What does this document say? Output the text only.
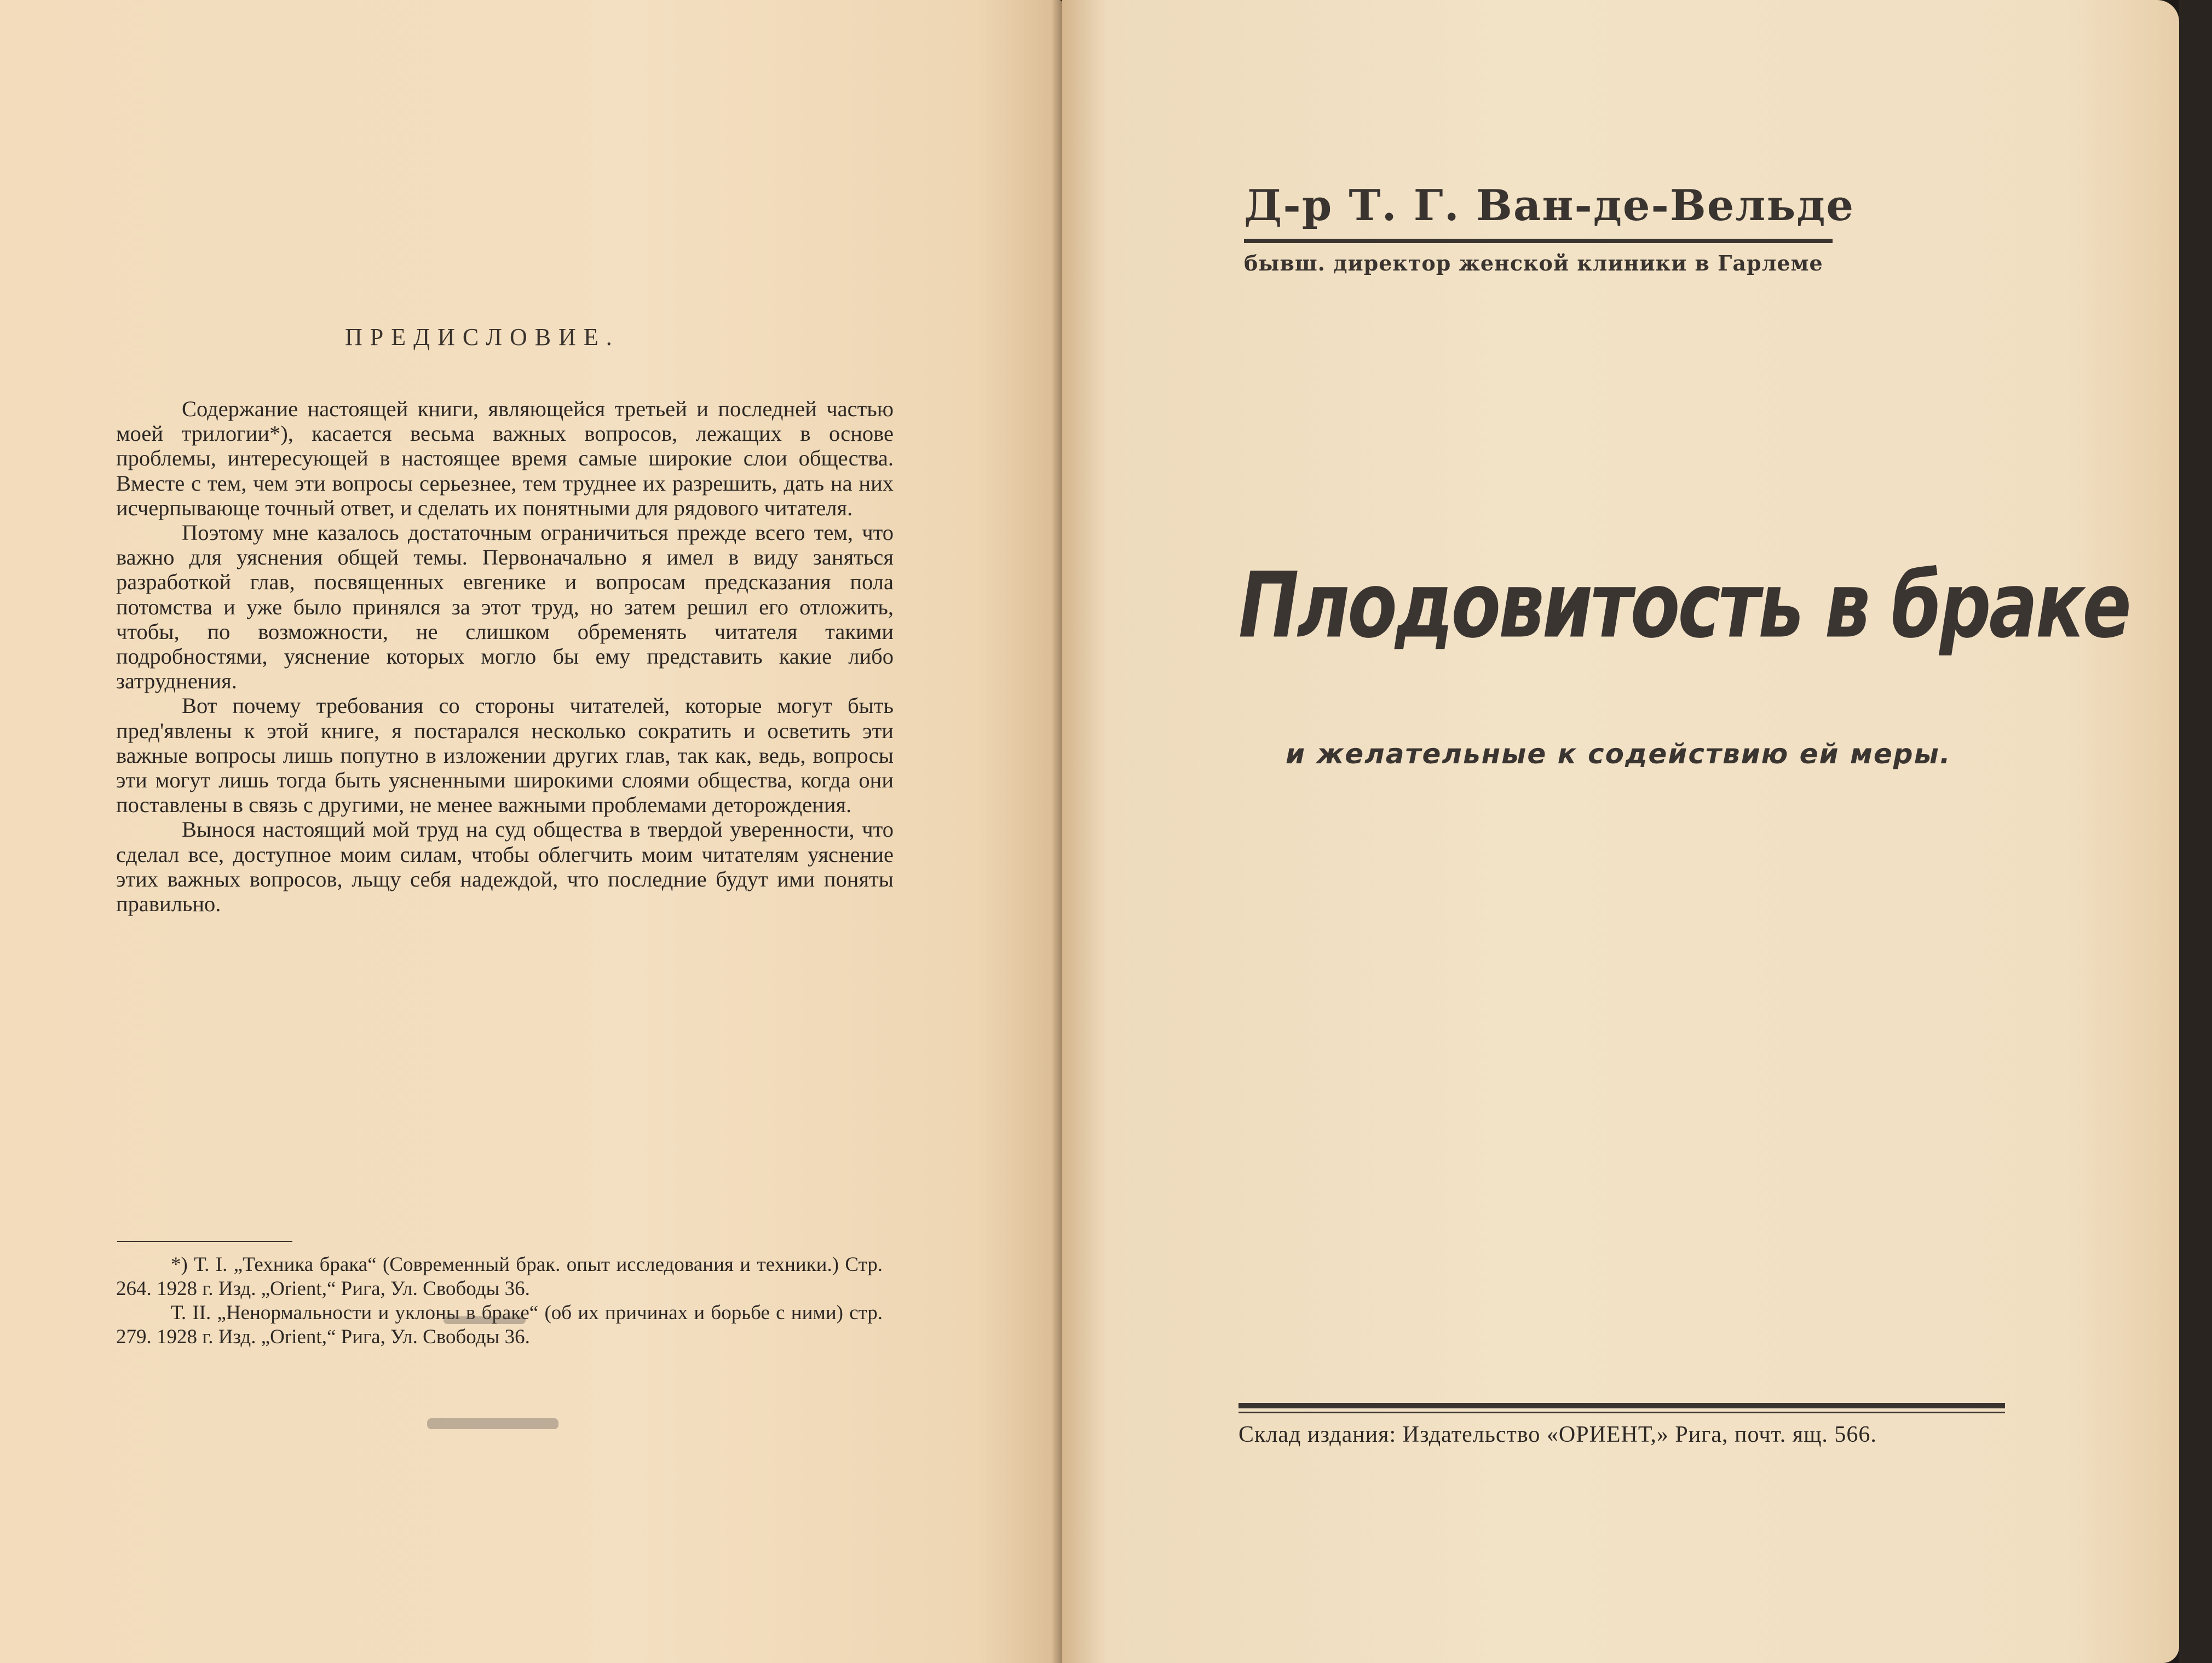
ПРЕДИСЛОВИЕ.

Содержание настоящей книги, являющейся третьей и последней частью моей трилогии*), касается весьма важных вопросов, лежащих в основе проблемы, интересующей в настоящее время самые широкие слои общества. Вместе с тем, чем эти вопросы серьезнее, тем труднее их разрешить, дать на них исчерпывающе точный ответ, и сделать их понятными для рядового читателя.

Поэтому мне казалось достаточным ограничиться прежде всего тем, что важно для уяснения общей темы. Первоначально я имел в виду заняться разработкой глав, посвященных евгенике и вопросам предсказания пола потомства и уже было принялся за этот труд, но затем решил его отложить, чтобы, по возможности, не слишком обременять читателя такими подробностями, уяснение которых могло бы ему представить какие либо затруднения.

Вот почему требования со стороны читателей, которые могут быть пред'явлены к этой книге, я постарался несколько сократить и осветить эти важные вопросы лишь попутно в изложении других глав, так как, ведь, вопросы эти могут лишь тогда быть уясненными широкими слоями общества, когда они поставлены в связь с другими, не менее важными проблемами деторождения.

Вынося настоящий мой труд на суд общества в твердой уверенности, что сделал все, доступное моим силам, чтобы облегчить моим читателям уяснение этих важных вопросов, льщу себя надеждой, что последние будут ими поняты правильно.

*) Т. I. „Техника брака“ (Современный брак. опыт исследования и техники.) Стр. 264. 1928 г. Изд. „Orient,“ Рига, Ул. Свободы 36.

Т. II. „Ненормальности и уклоны в браке“ (об их причинах и борьбе с ними) стр. 279. 1928 г. Изд. „Orient,“ Рига, Ул. Свободы 36.

Д-р Т. Г. Ван-де-Вельде
бывш. директор женской клиники в Гарлеме
Плодовитость в браке
и желательные к содействию ей меры.
Склад издания: Издательство «ОРИЕНТ,» Рига, почт. ящ. 566.
